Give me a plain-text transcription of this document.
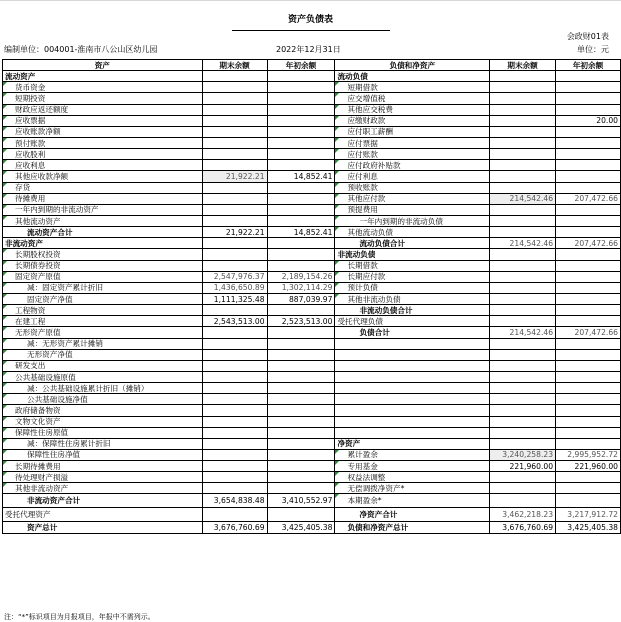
资产负债表
会政财01表
编制单位：004001-淮南市八公山区幼儿园	2022年12月31日	单位：元
资产	期末余额	年初余额	负债和净资产	期末余额	年初余额
流动资产			流动负债		
货币资金			短期借款		
短期投资			应交增值税		
财政应返还额度			其他应交税费		
应收票据			应缴财政款		20.00
应收账款净额			应付职工薪酬		
预付账款			应付票据		
应收股利			应付账款		
应收利息			应付政府补贴款		
其他应收款净额	21,922.21	14,852.41	应付利息		
存货			预收账款		
待摊费用			其他应付款	214,542.46	207,472.66
一年内到期的非流动资产			预提费用		
其他流动资产			一年内到期的非流动负债		
流动资产合计	21,922.21	14,852.41	其他流动负债		
非流动资产			流动负债合计	214,542.46	207,472.66
长期股权投资			非流动负债		
长期债券投资			长期借款		
固定资产原值	2,547,976.37	2,189,154.26	长期应付款		
减：固定资产累计折旧	1,436,650.89	1,302,114.29	预计负债		
固定资产净值	1,111,325.48	887,039.97	其他非流动负债		
工程物资			非流动负债合计		
在建工程	2,543,513.00	2,523,513.00	受托代理负债		
无形资产原值			负债合计	214,542.46	207,472.66
减：无形资产累计摊销					
无形资产净值					
研发支出					
公共基础设施原值					
减：公共基础设施累计折旧（摊销）					
公共基础设施净值					
政府储备物资					
文物文化资产					
保障性住房原值					
减：保障性住房累计折旧			净资产		
保障性住房净值			累计盈余	3,240,258.23	2,995,952.72
长期待摊费用			专用基金	221,960.00	221,960.00
待处理财产损溢			权益法调整		
其他非流动资产			无偿调拨净资产*		
非流动资产合计	3,654,838.48	3,410,552.97	本期盈余*		
受托代理资产			净资产合计	3,462,218.23	3,217,912.72
资产总计	3,676,760.69	3,425,405.38	负债和净资产总计	3,676,760.69	3,425,405.38
注：“*”标识项目为月报项目，年报中不需列示。
